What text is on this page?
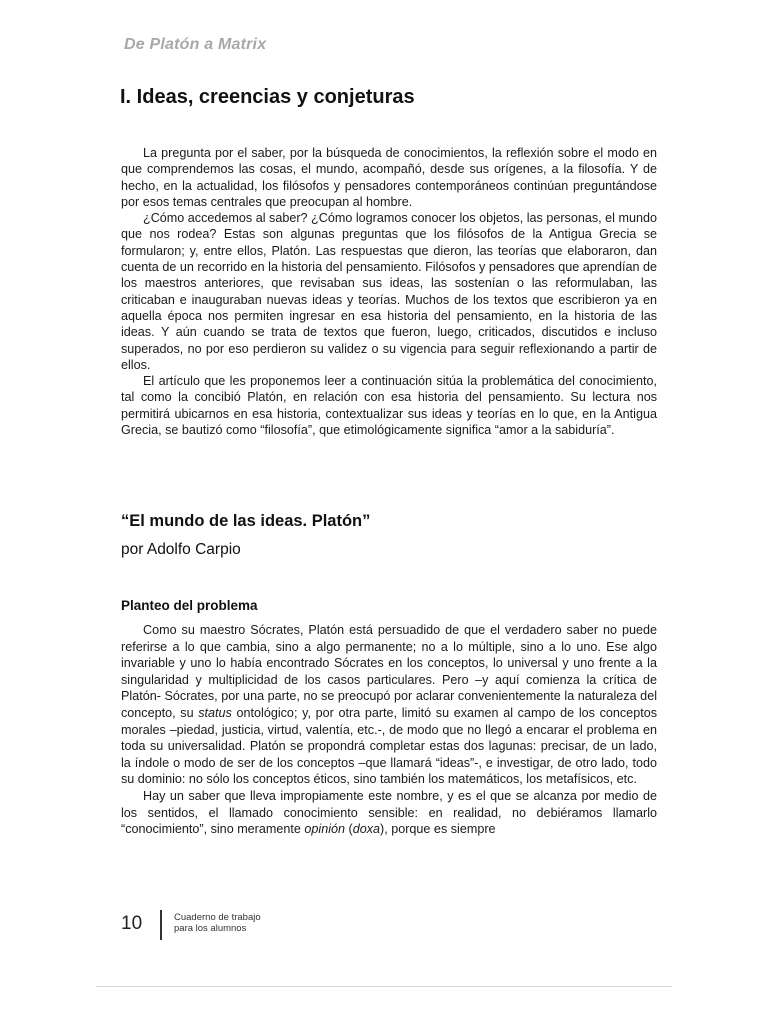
De Platón a Matrix
I. Ideas, creencias y conjeturas

La pregunta por el saber, por la búsqueda de conocimientos, la reflexión sobre el modo en que comprendemos las cosas, el mundo, acompañó, desde sus orígenes, a la filosofía. Y de hecho, en la actualidad, los filósofos y pensadores contemporáneos continúan preguntándose por esos temas centrales que preocupan al hombre.

¿Cómo accedemos al saber? ¿Cómo logramos conocer los objetos, las personas, el mundo que nos rodea? Estas son algunas preguntas que los filósofos de la Antigua Grecia se formularon; y, entre ellos, Platón. Las respuestas que dieron, las teorías que elaboraron, dan cuenta de un recorrido en la historia del pensamiento. Filósofos y pensadores que aprendían de los maestros anteriores, que revisaban sus ideas, las sostenían o las reformulaban, las criticaban e inauguraban nuevas ideas y teorías. Muchos de los textos que escribieron ya en aquella época nos permiten ingresar en esa historia del pensamiento, en la historia de las ideas. Y aún cuando se trata de textos que fueron, luego, criticados, discutidos e incluso superados, no por eso perdieron su validez o su vigencia para seguir reflexionando a partir de ellos.

El artículo que les proponemos leer a continuación sitúa la problemática del conocimiento, tal como la concibió Platón, en relación con esa historia del pensamiento. Su lectura nos permitirá ubicarnos en esa historia, contextualizar sus ideas y teorías en lo que, en la Antigua Grecia, se bautizó como “filosofía”, que etimológicamente significa “amor a la sabiduría”.

“El mundo de las ideas. Platón”
por Adolfo Carpio
Planteo del problema

Como su maestro Sócrates, Platón está persuadido de que el verdadero saber no puede referirse a lo que cambia, sino a algo permanente; no a lo múltiple, sino a lo uno. Ese algo invariable y uno lo había encontrado Sócrates en los conceptos, lo universal y uno frente a la singularidad y multiplicidad de los casos particulares. Pero –y aquí comienza la crítica de Platón- Sócrates, por una parte, no se preocupó por aclarar convenientemente la naturaleza del concepto, su status ontológico; y, por otra parte, limitó su examen al campo de los conceptos morales –piedad, justicia, virtud, valentía, etc.-, de modo que no llegó a encarar el problema en toda su universalidad. Platón se propondrá completar estas dos lagunas: precisar, de un lado, la índole o modo de ser de los conceptos –que llamará “ideas”-, e investigar, de otro lado, todo su dominio: no sólo los conceptos éticos, sino también los matemáticos, los metafísicos, etc.

Hay un saber que lleva impropiamente este nombre, y es el que se alcanza por medio de los sentidos, el llamado conocimiento sensible: en realidad, no debiéramos llamarlo “conocimiento”, sino meramente opinión (doxa), porque es siempre

10	Cuaderno de trabajo
para los alumnos
